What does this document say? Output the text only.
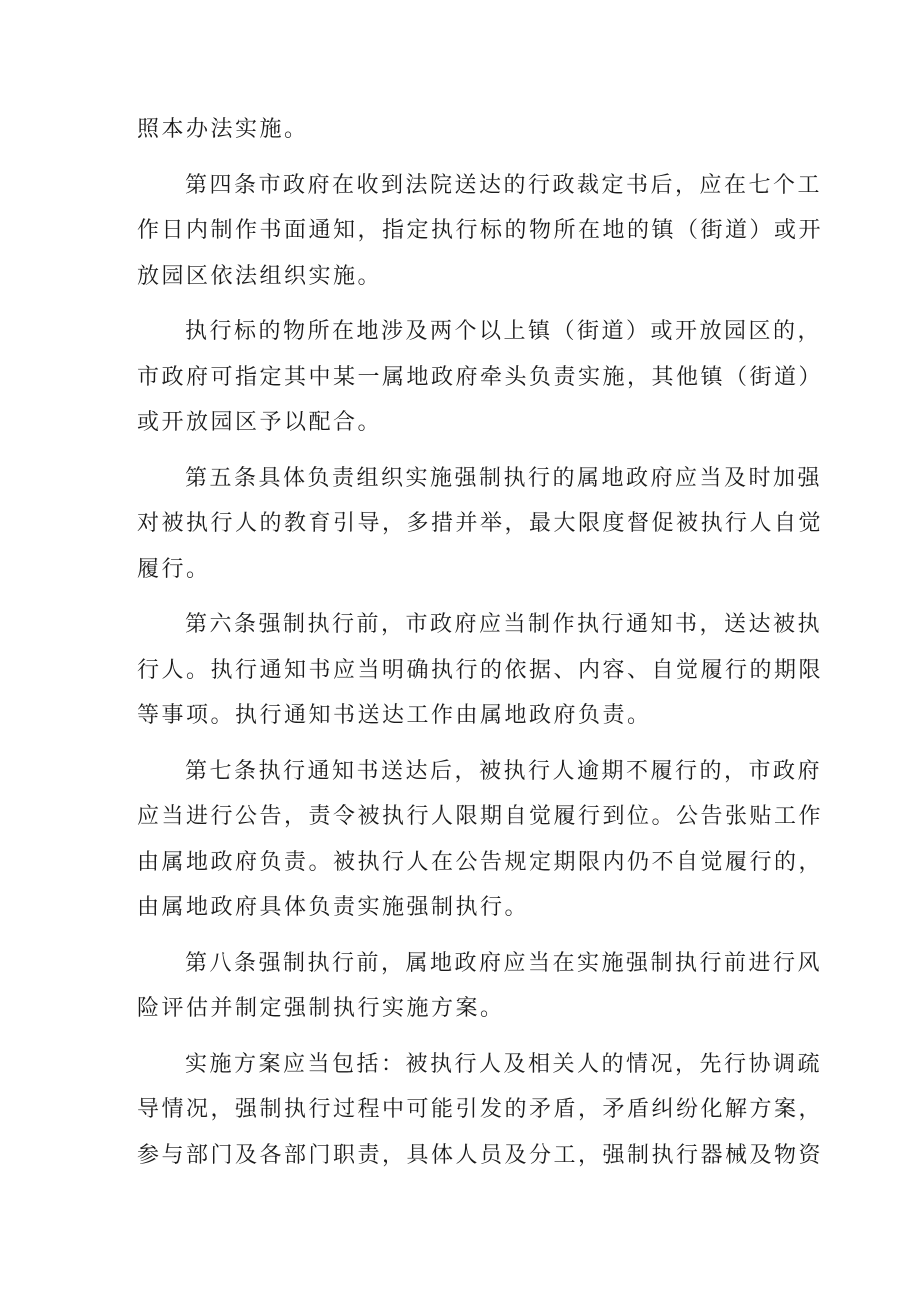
照本办法实施。
第四条市政府在收到法院送达的行政裁定书后，应在七个工
作日内制作书面通知，指定执行标的物所在地的镇（街道）或开
放园区依法组织实施。
执行标的物所在地涉及两个以上镇（街道）或开放园区的，
市政府可指定其中某一属地政府牵头负责实施，其他镇（街道）
或开放园区予以配合。
第五条具体负责组织实施强制执行的属地政府应当及时加强
对被执行人的教育引导，多措并举，最大限度督促被执行人自觉
履行。
第六条强制执行前，市政府应当制作执行通知书，送达被执
行人。执行通知书应当明确执行的依据、内容、自觉履行的期限
等事项。执行通知书送达工作由属地政府负责。
第七条执行通知书送达后，被执行人逾期不履行的，市政府
应当进行公告，责令被执行人限期自觉履行到位。公告张贴工作
由属地政府负责。被执行人在公告规定期限内仍不自觉履行的，
由属地政府具体负责实施强制执行。
第八条强制执行前，属地政府应当在实施强制执行前进行风
险评估并制定强制执行实施方案。
实施方案应当包括：被执行人及相关人的情况，先行协调疏
导情况，强制执行过程中可能引发的矛盾，矛盾纠纷化解方案，
参与部门及各部门职责，具体人员及分工，强制执行器械及物资
